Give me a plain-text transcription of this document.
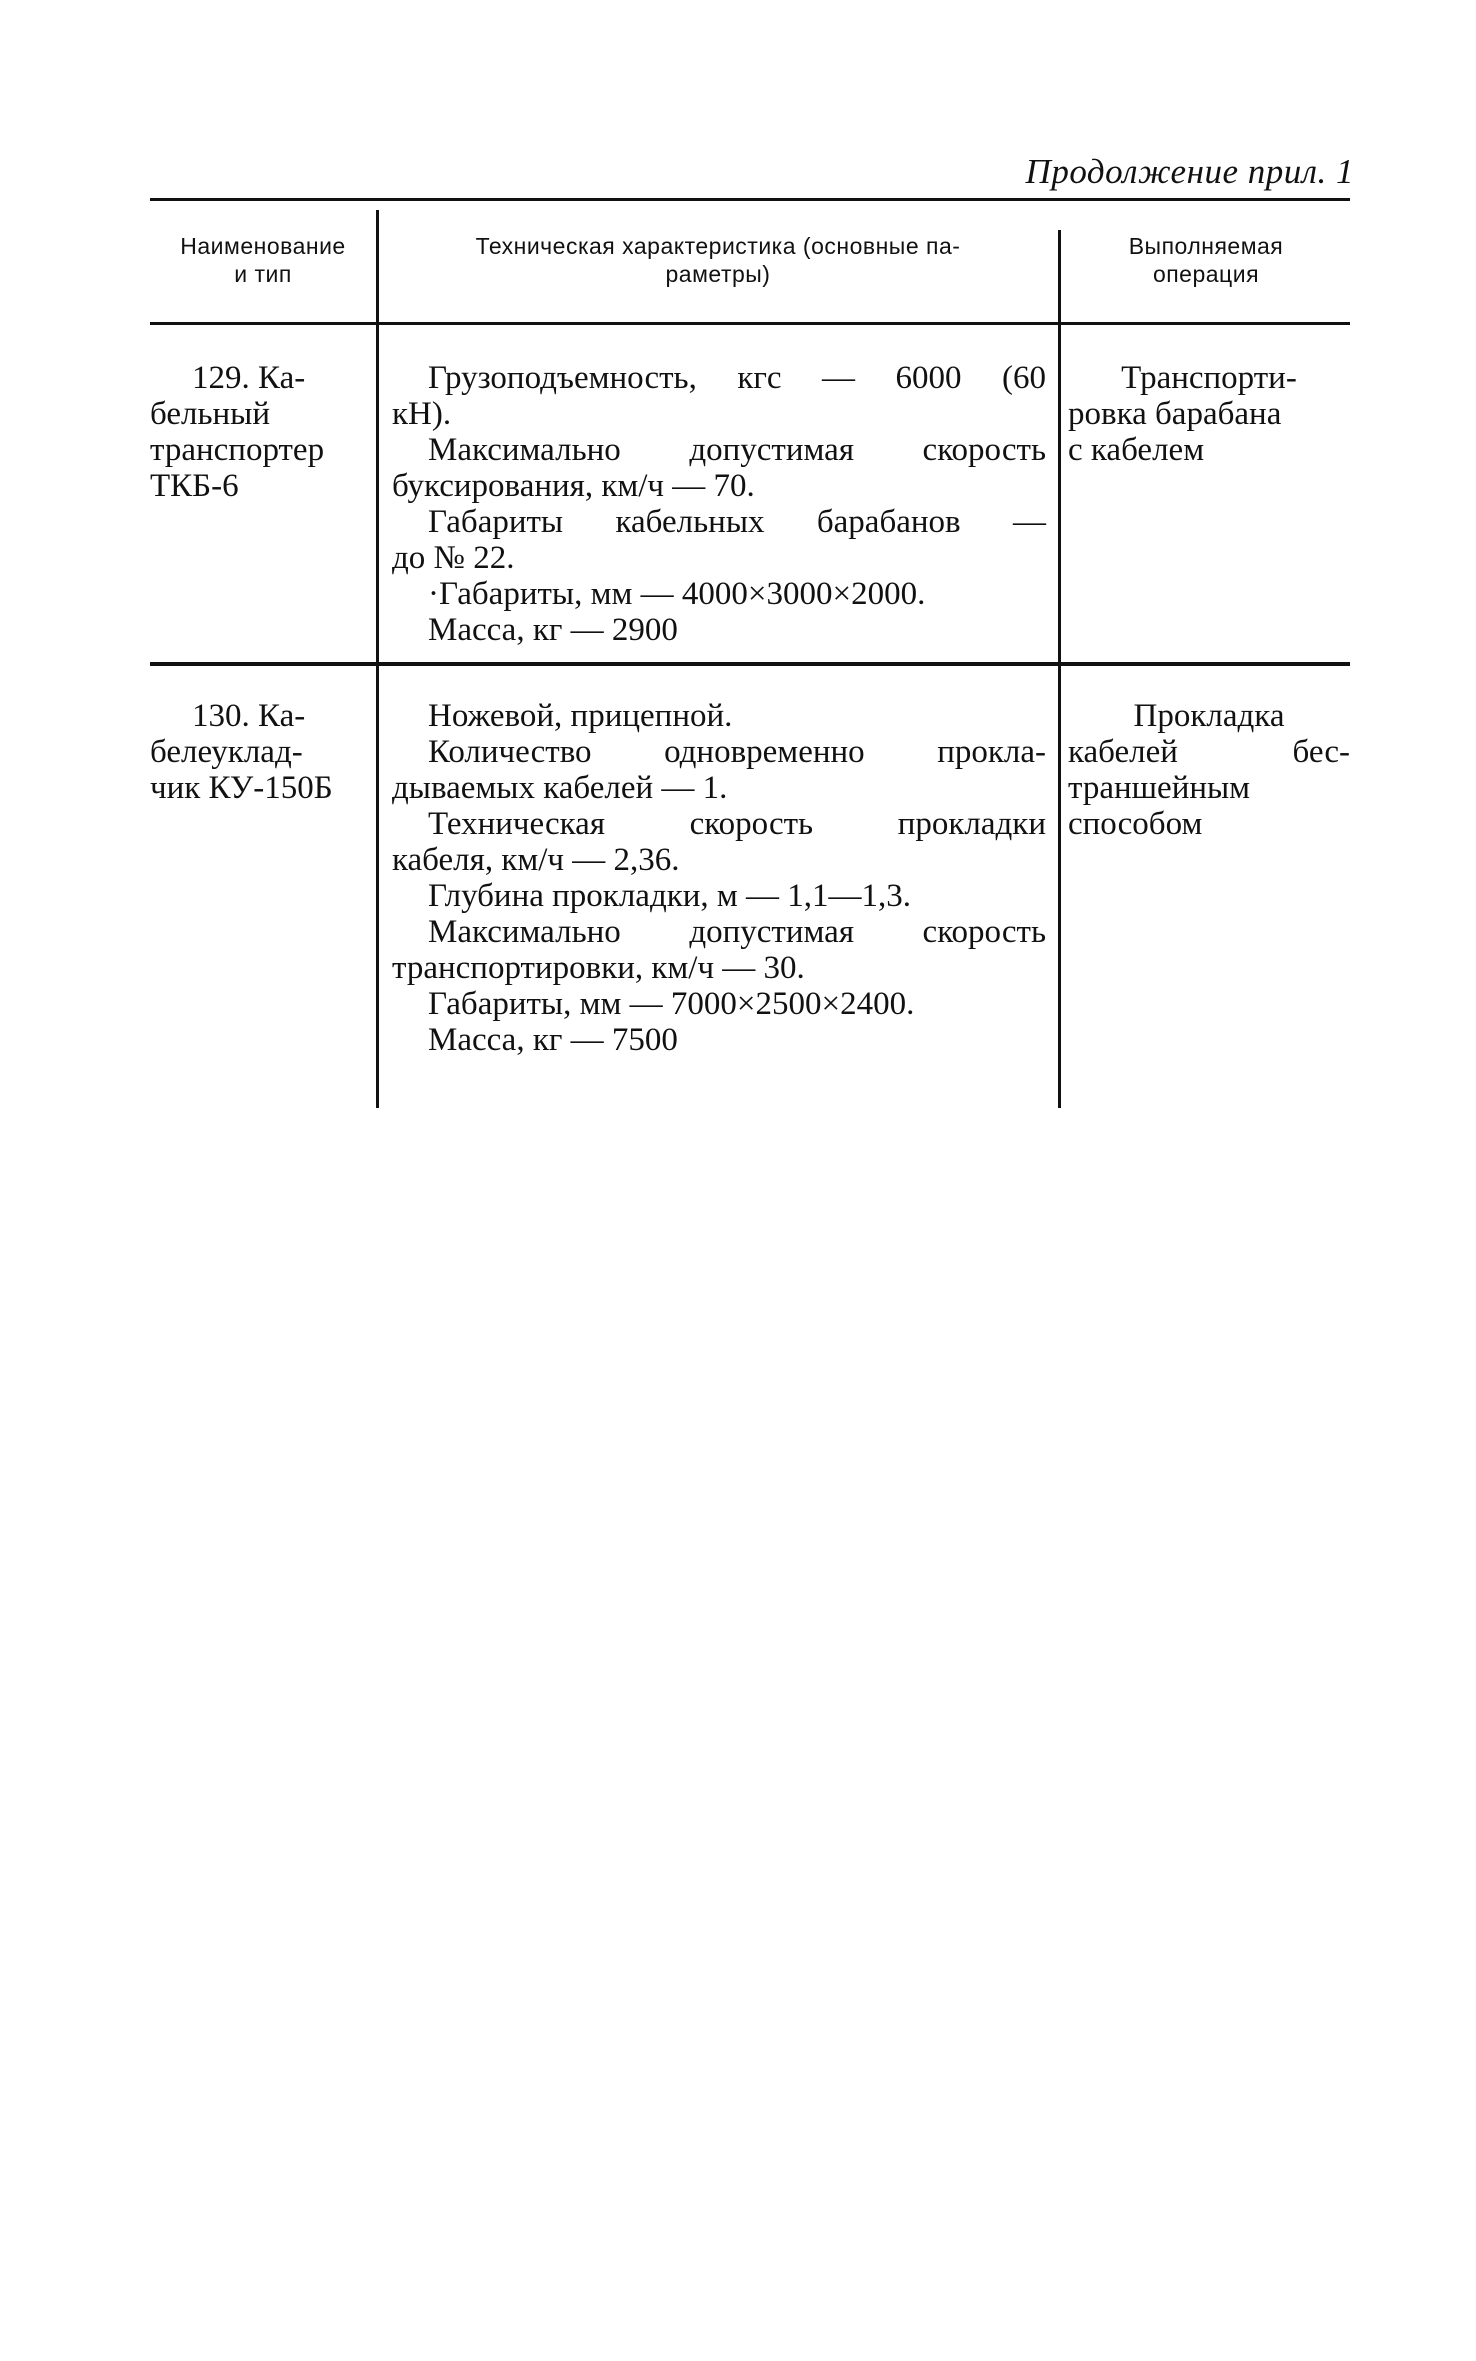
Продолжение прил. 1
Наименование
и тип
Техническая характеристика (основные па-
раметры)
Выполняемая
операция
129. Ка-
бельный
транспортер
ТКБ-6
Грузоподъемность, кгс — 6000 (60
кН).
Максимально допустимая скорость
буксирования, км/ч — 70.
Габариты кабельных барабанов —
до № 22.
·Габариты, мм — 4000×3000×2000.
Масса, кг — 2900
Транспорти-
ровка барабана
с кабелем
130. Ка-
белеуклад-
чик КУ-150Б
Ножевой, прицепной.
Количество одновременно прокла-
дываемых кабелей — 1.
Техническая скорость прокладки
кабеля, км/ч — 2,36.
Глубина прокладки, м — 1,1—1,3.
Максимально допустимая скорость
транспортировки, км/ч — 30.
Габариты, мм — 7000×2500×2400.
Масса, кг — 7500
Прокладка
кабелей бес-
траншейным
способом
